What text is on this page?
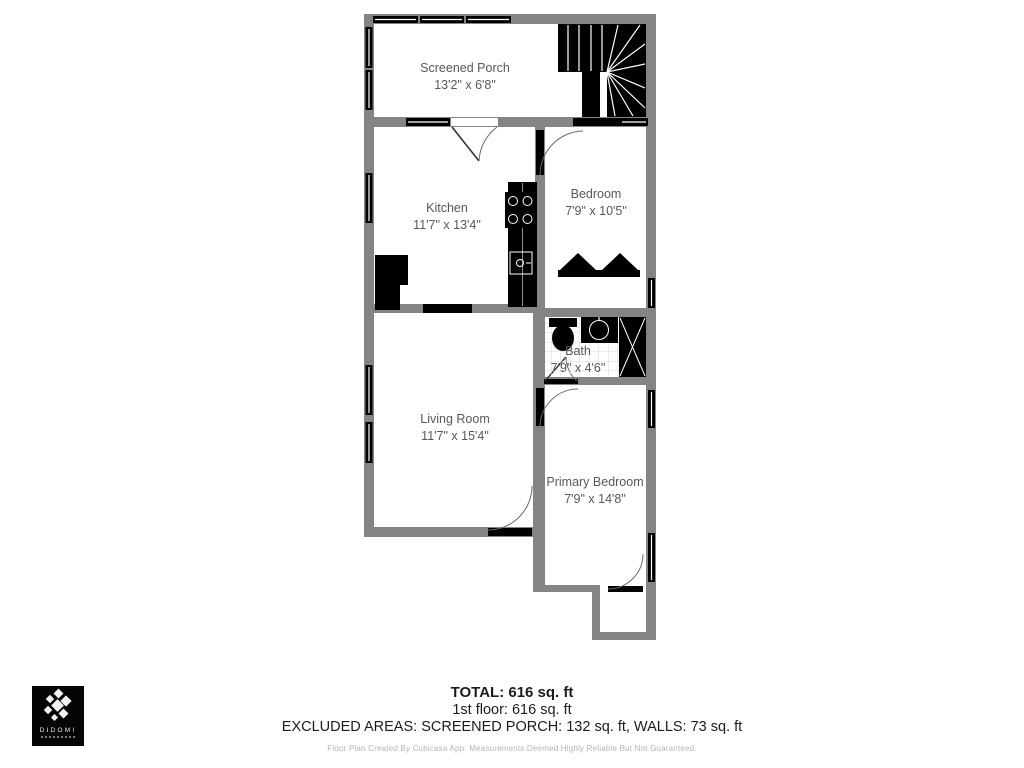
Screened Porch
13'2" x 6'8"
Kitchen
11'7" x 13'4"
Bedroom
7'9" x 10'5"
Bath
7'9" x 4'6"
Living Room
11'7" x 15'4"
Primary Bedroom
7'9" x 14'8"
TOTAL: 616 sq. ft
1st floor: 616 sq. ft
EXCLUDED AREAS: SCREENED PORCH: 132 sq. ft, WALLS: 73 sq. ft
Floor Plan Created By Cubicasa App. Measurements Deemed Highly Reliable But Not Guaranteed.
DIDOMI
